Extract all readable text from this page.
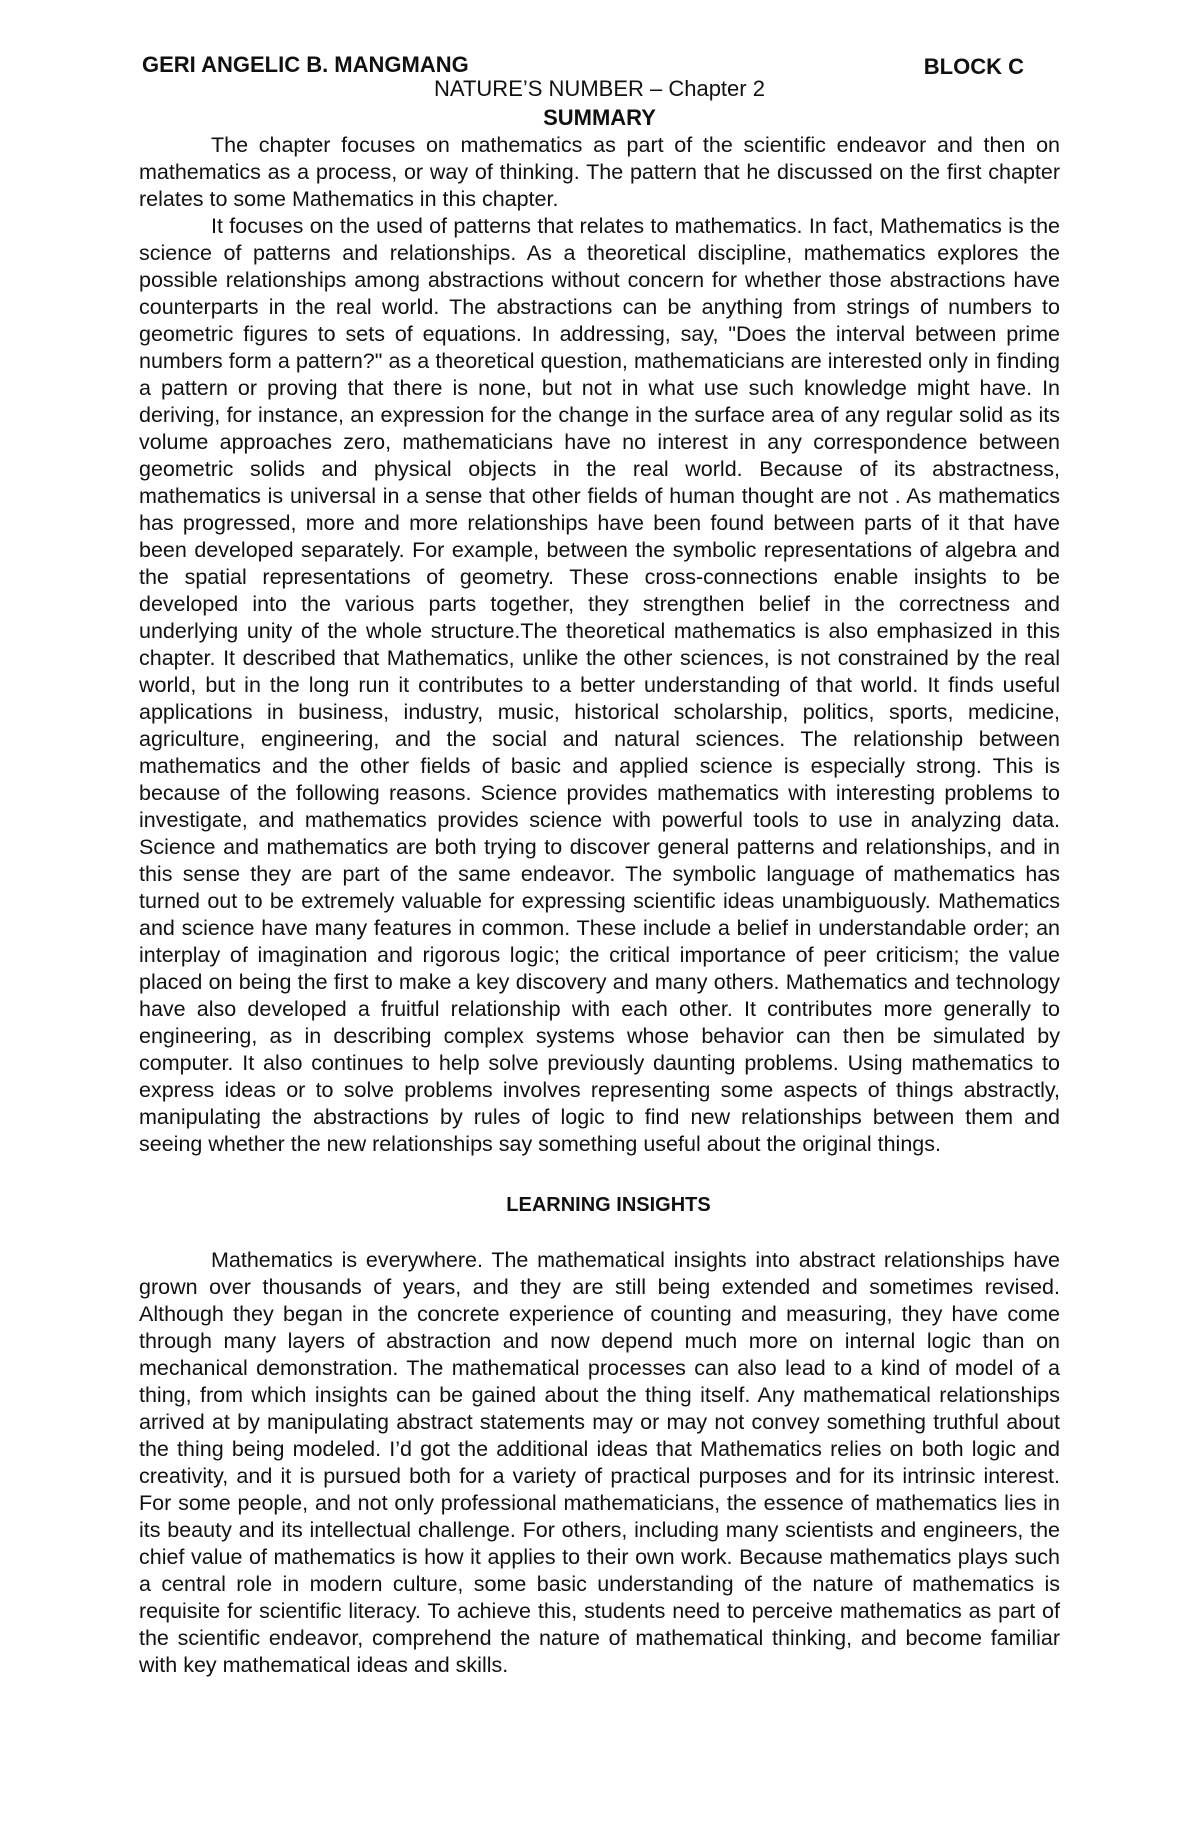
GERI ANGELIC B. MANGMANG	BLOCK C
NATURE’S NUMBER – Chapter 2
SUMMARY

The chapter focuses on mathematics as part of the scientific endeavor and then on mathematics as a process, or way of thinking. The pattern that he discussed on the first chapter relates to some Mathematics in this chapter.

It focuses on the used of patterns that relates to mathematics. In fact, Mathematics is the science of patterns and relationships. As a theoretical discipline, mathematics explores the possible relationships among abstractions without concern for whether those abstractions have counterparts in the real world. The abstractions can be anything from strings of numbers to geometric figures to sets of equations. In addressing, say, "Does the interval between prime numbers form a pattern?" as a theoretical question, mathematicians are interested only in finding a pattern or proving that there is none, but not in what use such knowledge might have. In deriving, for instance, an expression for the change in the surface area of any regular solid as its volume approaches zero, mathematicians have no interest in any correspondence between geometric solids and physical objects in the real world. Because of its abstractness, mathematics is universal in a sense that other fields of human thought are not . As mathematics has progressed, more and more relationships have been found between parts of it that have been developed separately. For example, between the symbolic representations of algebra and the spatial representations of geometry. These cross-connections enable insights to be developed into the various parts together, they strengthen belief in the correctness and underlying unity of the whole structure.The theoretical mathematics is also emphasized in this chapter. It described that Mathematics, unlike the other sciences, is not constrained by the real world, but in the long run it contributes to a better understanding of that world. It finds useful applications in business, industry, music, historical scholarship, politics, sports, medicine, agriculture, engineering, and the social and natural sciences. The relationship between mathematics and the other fields of basic and applied science is especially strong. This is because of the following reasons. Science provides mathematics with interesting problems to investigate, and mathematics provides science with powerful tools to use in analyzing data. Science and mathematics are both trying to discover general patterns and relationships, and in this sense they are part of the same endeavor. The symbolic language of mathematics has turned out to be extremely valuable for expressing scientific ideas unambiguously. Mathematics and science have many features in common. These include a belief in understandable order; an interplay of imagination and rigorous logic; the critical importance of peer criticism; the value placed on being the first to make a key discovery and many others. Mathematics and technology have also developed a fruitful relationship with each other. It contributes more generally to engineering, as in describing complex systems whose behavior can then be simulated by computer. It also continues to help solve previously daunting problems. Using mathematics to express ideas or to solve problems involves representing some aspects of things abstractly, manipulating the abstractions by rules of logic to find new relationships between them and seeing whether the new relationships say something useful about the original things.

LEARNING INSIGHTS

Mathematics is everywhere. The mathematical insights into abstract relationships have grown over thousands of years, and they are still being extended and sometimes revised. Although they began in the concrete experience of counting and measuring, they have come through many layers of abstraction and now depend much more on internal logic than on mechanical demonstration. The mathematical processes can also lead to a kind of model of a thing, from which insights can be gained about the thing itself. Any mathematical relationships arrived at by manipulating abstract statements may or may not convey something truthful about the thing being modeled. I’d got the additional ideas that Mathematics relies on both logic and creativity, and it is pursued both for a variety of practical purposes and for its intrinsic interest. For some people, and not only professional mathematicians, the essence of mathematics lies in its beauty and its intellectual challenge. For others, including many scientists and engineers, the chief value of mathematics is how it applies to their own work. Because mathematics plays such a central role in modern culture, some basic understanding of the nature of mathematics is requisite for scientific literacy. To achieve this, students need to perceive mathematics as part of the scientific endeavor, comprehend the nature of mathematical thinking, and become familiar with key mathematical ideas and skills.
